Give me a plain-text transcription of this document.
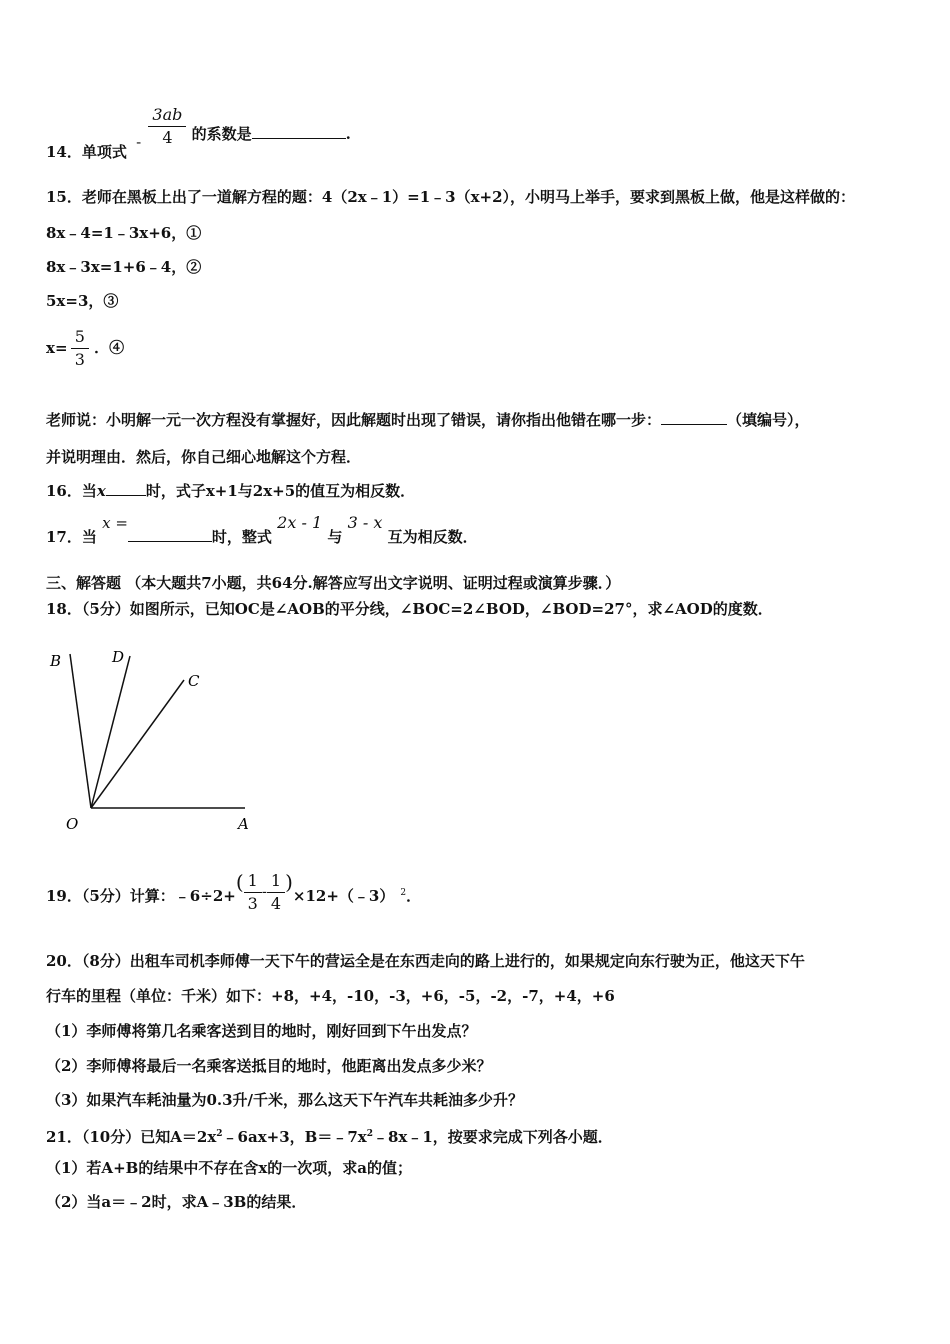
14．单项式 - $\frac{3ab}{4}$ 的系数是	.
15．老师在黑板上出了一道解方程的题：4（2x﹣1）=1﹣3（x+2），小明马上举手，要求到黑板上做，他是这样做的：
8x﹣4=1﹣3x+6，①
8x﹣3x=1+6﹣4，②
5x=3，③
$x= \frac{5}{3}$ ．④
老师说：小明解一元一次方程没有掌握好，因此解题时出现了错误，请你指出他错在哪一步：	（填编号），
并说明理由．然后，你自己细心地解这个方程．
16．当x	时，式子x+1与2x+5的值互为相反数．
17．当 x =时，整式 2x - 1 与 3 - x 互为相反数．
三、解答题 （本大题共7小题，共64分.解答应写出文字说明、证明过程或演算步骤．）
18．（5分）如图所示，已知OC是∠AOB的平分线，∠BOC=2∠BOD，∠BOD=27°，求∠AOD的度数．
B	D
C
O	A
19．（5分）计算：﹣6÷2+( $\frac{1}{3} - \frac{1}{4}$ )×12+（﹣3） 2．
20．（8分）出租车司机李师傅一天下午的营运全是在东西走向的路上进行的，如果规定向东行驶为正，他这天下午
行车的里程（单位：千米）如下：+8，+4，-10，-3，+6，-5，-2，-7，+4，+6
（1）李师傅将第几名乘客送到目的地时，刚好回到下午出发点？
（2）李师傅将最后一名乘客送抵目的地时，他距离出发点多少米？
（3）如果汽车耗油量为0.3升/千米，那么这天下午汽车共耗油多少升？
21．（10分）已知$A=2x^2﹣6ax+3$，$B=﹣7x^2﹣8x﹣1$，按要求完成下列各小题．
（1）若A+B的结果中不存在含x的一次项，求a的值；
（2）当a＝﹣2时，求A﹣3B的结果．
